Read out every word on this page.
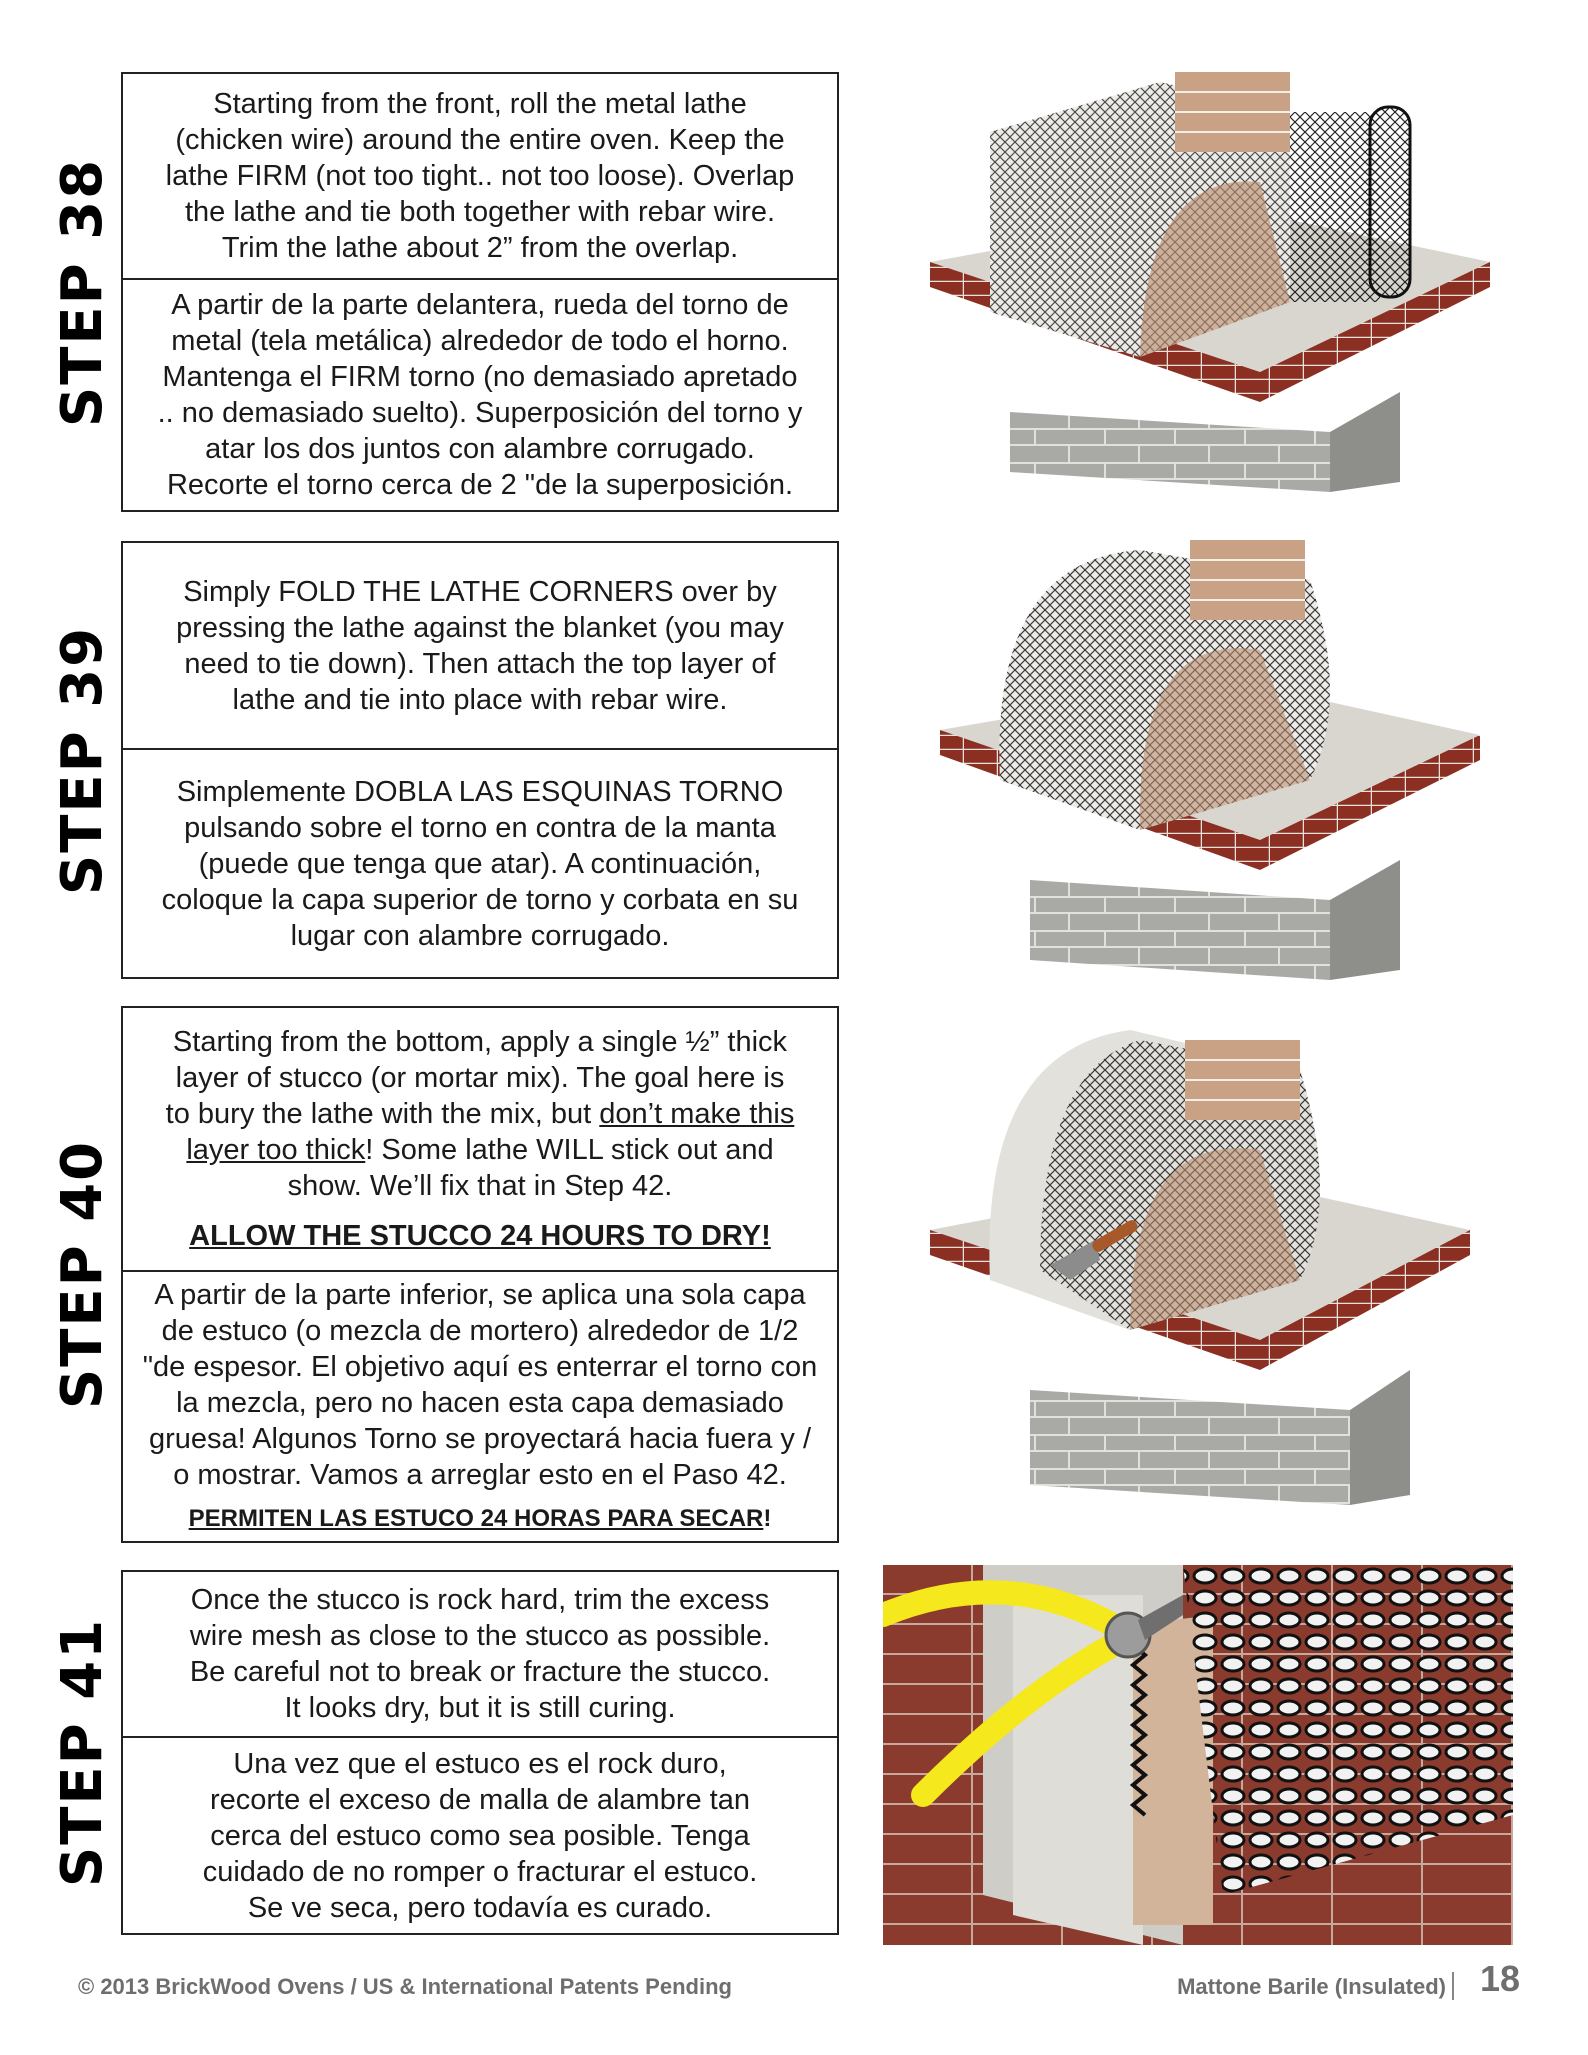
STEP 38
Starting from the front, roll the metal lathe
(chicken wire) around the entire oven. Keep the
lathe FIRM (not too tight.. not too loose). Overlap
the lathe and tie both together with rebar wire.
Trim the lathe about 2” from the overlap.
A partir de la parte delantera, rueda del torno de
metal (tela metálica) alrededor de todo el horno.
Mantenga el FIRM torno (no demasiado apretado
.. no demasiado suelto). Superposición del torno y
atar los dos juntos con alambre corrugado.
Recorte el torno cerca de 2 "de la superposición.
STEP 39
Simply FOLD THE LATHE CORNERS over by
pressing the lathe against the blanket (you may
need to tie down). Then attach the top layer of
lathe and tie into place with rebar wire.
Simplemente DOBLA LAS ESQUINAS TORNO
pulsando sobre el torno en contra de la manta
(puede que tenga que atar). A continuación,
coloque la capa superior de torno y corbata en su
lugar con alambre corrugado.
STEP 40
Starting from the bottom, apply a single ½” thick
layer of stucco (or mortar mix). The goal here is
to bury the lathe with the mix, but don’t make this
layer too thick! Some lathe WILL stick out and
show. We’ll fix that in Step 42.
ALLOW THE STUCCO 24 HOURS TO DRY!
A partir de la parte inferior, se aplica una sola capa
de estuco (o mezcla de mortero) alrededor de 1/2
"de espesor. El objetivo aquí es enterrar el torno con
la mezcla, pero no hacen esta capa demasiado
gruesa! Algunos Torno se proyectará hacia fuera y /
o mostrar. Vamos a arreglar esto en el Paso 42.
PERMITEN LAS ESTUCO 24 HORAS PARA SECAR!
STEP 41
Once the stucco is rock hard, trim the excess
wire mesh as close to the stucco as possible.
Be careful not to break or fracture the stucco.
It looks dry, but it is still curing.
Una vez que el estuco es el rock duro,
recorte el exceso de malla de alambre tan
cerca del estuco como sea posible. Tenga
cuidado de no romper o fracturar el estuco.
Se ve seca, pero todavía es curado.
© 2013 BrickWood Ovens / US & International Patents Pending	Mattone Barile (Insulated) 18
